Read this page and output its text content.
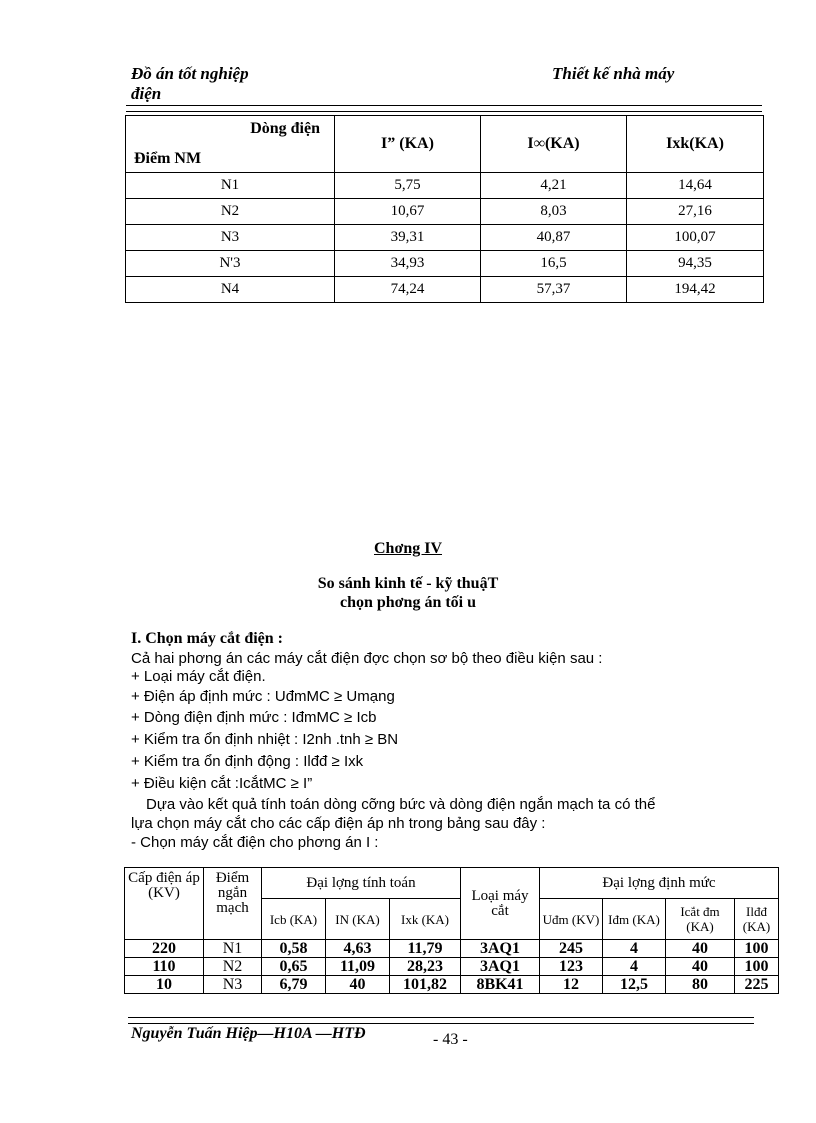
Đồ án tốt nghiệp
điện
Thiết kế nhà máy
Dòng điện
Điểm NM	I” (KA)	I∞(KA)	Ixk(KA)
N1	5,75	4,21	14,64
N2	10,67	8,03	27,16
N3	39,31	40,87	100,07
N'3	34,93	16,5	94,35
N4	74,24	57,37	194,42
Chơng IV
So sánh kinh tế - kỹ thuậT
chọn phơng án tối u
I. Chọn máy cắt điện :
Cả hai phơng án các máy cắt điện đợc chọn sơ bộ theo điều kiện sau :
+ Loại máy cắt điện.
+ Điện áp định mức : UđmMC ≥ Umạng
+ Dòng điện định mức : IđmMC ≥ Icb
+ Kiểm tra ổn định nhiệt : I2nh .tnh ≥ BN
+ Kiểm tra ổn định động : Ilđđ ≥ Ixk
+ Điều kiện cắt :IcắtMC ≥ I”
Dựa vào kết quả tính toán dòng cỡng bức và dòng điện ngắn mạch ta có thể
lựa chọn máy cắt cho các cấp điện áp nh trong bảng sau đây :
- Chọn máy cắt điện cho phơng án I :
Cấp điện áp (KV)	Điểm ngắn mạch	Đại lợng tính toán			Loại máy cắt	Đại lợng định mức			
		Icb (KA)	IN (KA)	Ixk (KA)		Uđm (KV)	Iđm (KA)	Icắt đm (KA)	Ilđđ (KA)
220	N1	0,58	4,63	11,79	3AQ1	245	4	40	100
110	N2	0,65	11,09	28,23	3AQ1	123	4	40	100
10	N3	6,79	40	101,82	8BK41	12	12,5	80	225
Nguyễn Tuấn Hiệp—H10A —HTĐ	- 43 -
